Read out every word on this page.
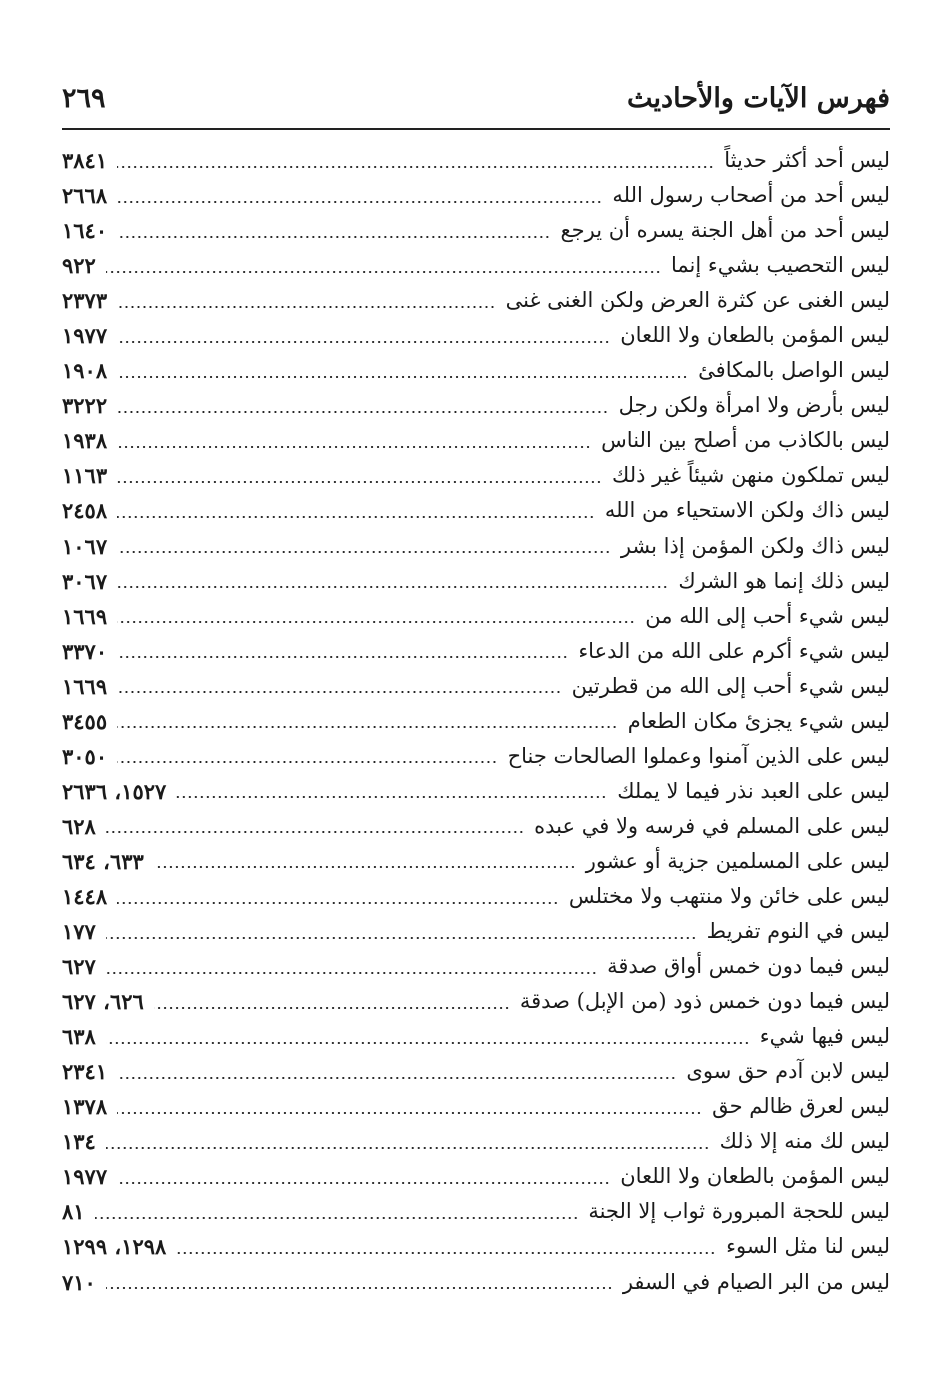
فهرس الآيات والأحاديث
٢٦٩
ليس أحد أكثر حديثاً
٣٨٤١
ليس أحد من أصحاب رسول الله
٢٦٦٨
ليس أحد من أهل الجنة يسره أن يرجع
١٦٤٠
ليس التحصيب بشيء إنما
٩٢٢
ليس الغنى عن كثرة العرض ولكن الغنى غنى
٢٣٧٣
ليس المؤمن بالطعان ولا اللعان
١٩٧٧
ليس الواصل بالمكافئ
١٩٠٨
ليس بأرض ولا امرأة ولكن رجل
٣٢٢٢
ليس بالكاذب من أصلح بين الناس
١٩٣٨
ليس تملكون منهن شيئاً غير ذلك
١١٦٣
ليس ذاك ولكن الاستحياء من الله
٢٤٥٨
ليس ذاك ولكن المؤمن إذا بشر
١٠٦٧
ليس ذلك إنما هو الشرك
٣٠٦٧
ليس شيء أحب إلى الله من
١٦٦٩
ليس شيء أكرم على الله من الدعاء
٣٣٧٠
ليس شيء أحب إلى الله من قطرتين
١٦٦٩
ليس شيء يجزئ مكان الطعام
٣٤٥٥
ليس على الذين آمنوا وعملوا الصالحات جناح
٣٠٥٠
ليس على العبد نذر فيما لا يملك
١٥٢٧، ٢٦٣٦
ليس على المسلم في فرسه ولا في عبده
٦٢٨
ليس على المسلمين جزية أو عشور
٦٣٣، ٦٣٤
ليس على خائن ولا منتهب ولا مختلس
١٤٤٨
ليس في النوم تفريط
١٧٧
ليس فيما دون خمس أواق صدقة
٦٢٧
ليس فيما دون خمس ذود (من الإبل) صدقة
٦٢٦، ٦٢٧
ليس فيها شيء
٦٣٨
ليس لابن آدم حق سوى
٢٣٤١
ليس لعرق ظالم حق
١٣٧٨
ليس لك منه إلا ذلك
١٣٤
ليس المؤمن بالطعان ولا اللعان
١٩٧٧
ليس للحجة المبرورة ثواب إلا الجنة
٨١
ليس لنا مثل السوء
١٢٩٨، ١٢٩٩
ليس من البر الصيام في السفر
٧١٠
